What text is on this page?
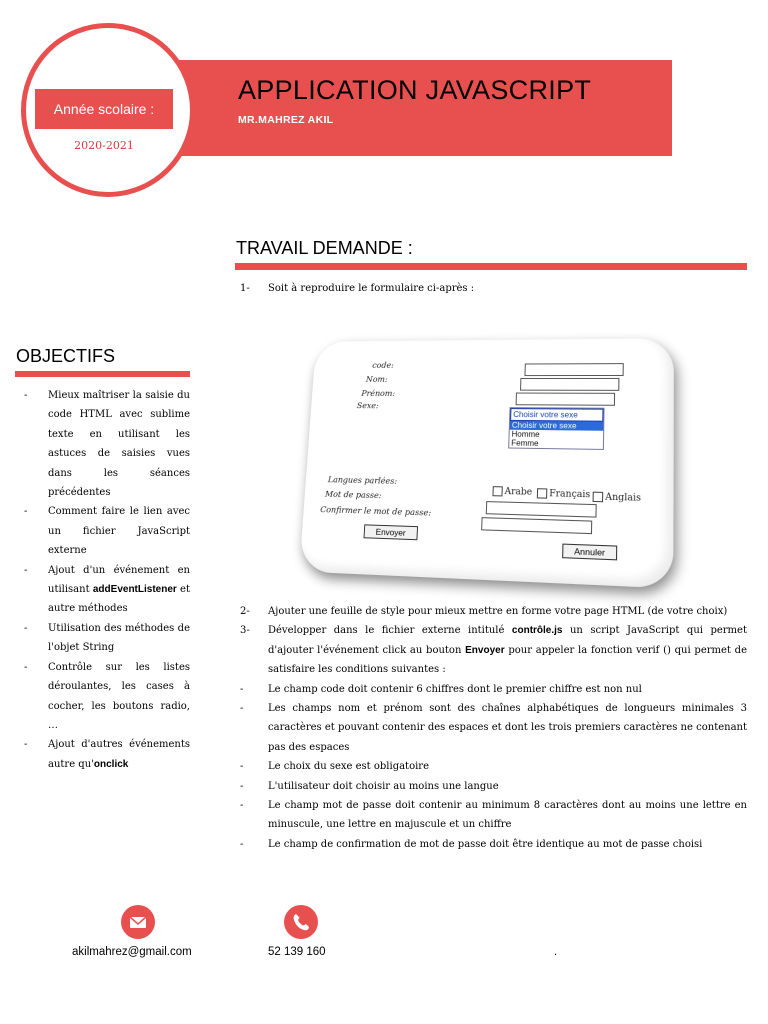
Année scolaire :
2020-2021
APPLICATION JAVASCRIPT
MR.MAHREZ AKIL
TRAVAIL DEMANDE :
1- Soit à reproduire le formulaire ci-après :
OBJECTIFS
-	Mieux maîtriser la saisie du code HTML avec sublime texte en utilisant les astuces de saisies vues dans les séances précédentes
-	Comment faire le lien avec un fichier JavaScript externe
-	Ajout d'un événement en utilisant addEventListener et autre méthodes
-	Utilisation des méthodes de l'objet String
-	Contrôle sur les listes déroulantes, les cases à cocher, les boutons radio, …
-	Ajout d'autres événements autre qu'onclick
code:
Nom:
Prénom:
Sexe:
Choisir votre sexe
Choisir votre sexe
Homme
Femme
Langues parlées:
Mot de passe:
Confirmer le mot de passe:
Arabe	Français	Anglais
Envoyer
Annuler
2-	Ajouter une feuille de style pour mieux mettre en forme votre page HTML (de votre choix)
3-	Développer dans le fichier externe intitulé contrôle.js un script JavaScript qui permet d'ajouter l'événement click au bouton Envoyer pour appeler la fonction verif () qui permet de satisfaire les conditions suivantes :
-	Le champ code doit contenir 6 chiffres dont le premier chiffre est non nul
-	Les champs nom et prénom sont des chaînes alphabétiques de longueurs minimales 3 caractères et pouvant contenir des espaces et dont les trois premiers caractères ne contenant pas des espaces
-	Le choix du sexe est obligatoire
-	L'utilisateur doit choisir au moins une langue
-	Le champ mot de passe doit contenir au minimum 8 caractères dont au moins une lettre en minuscule, une lettre en majuscule et un chiffre
-	Le champ de confirmation de mot de passe doit être identique au mot de passe choisi
akilmahrez@gmail.com	52 139 160	.
